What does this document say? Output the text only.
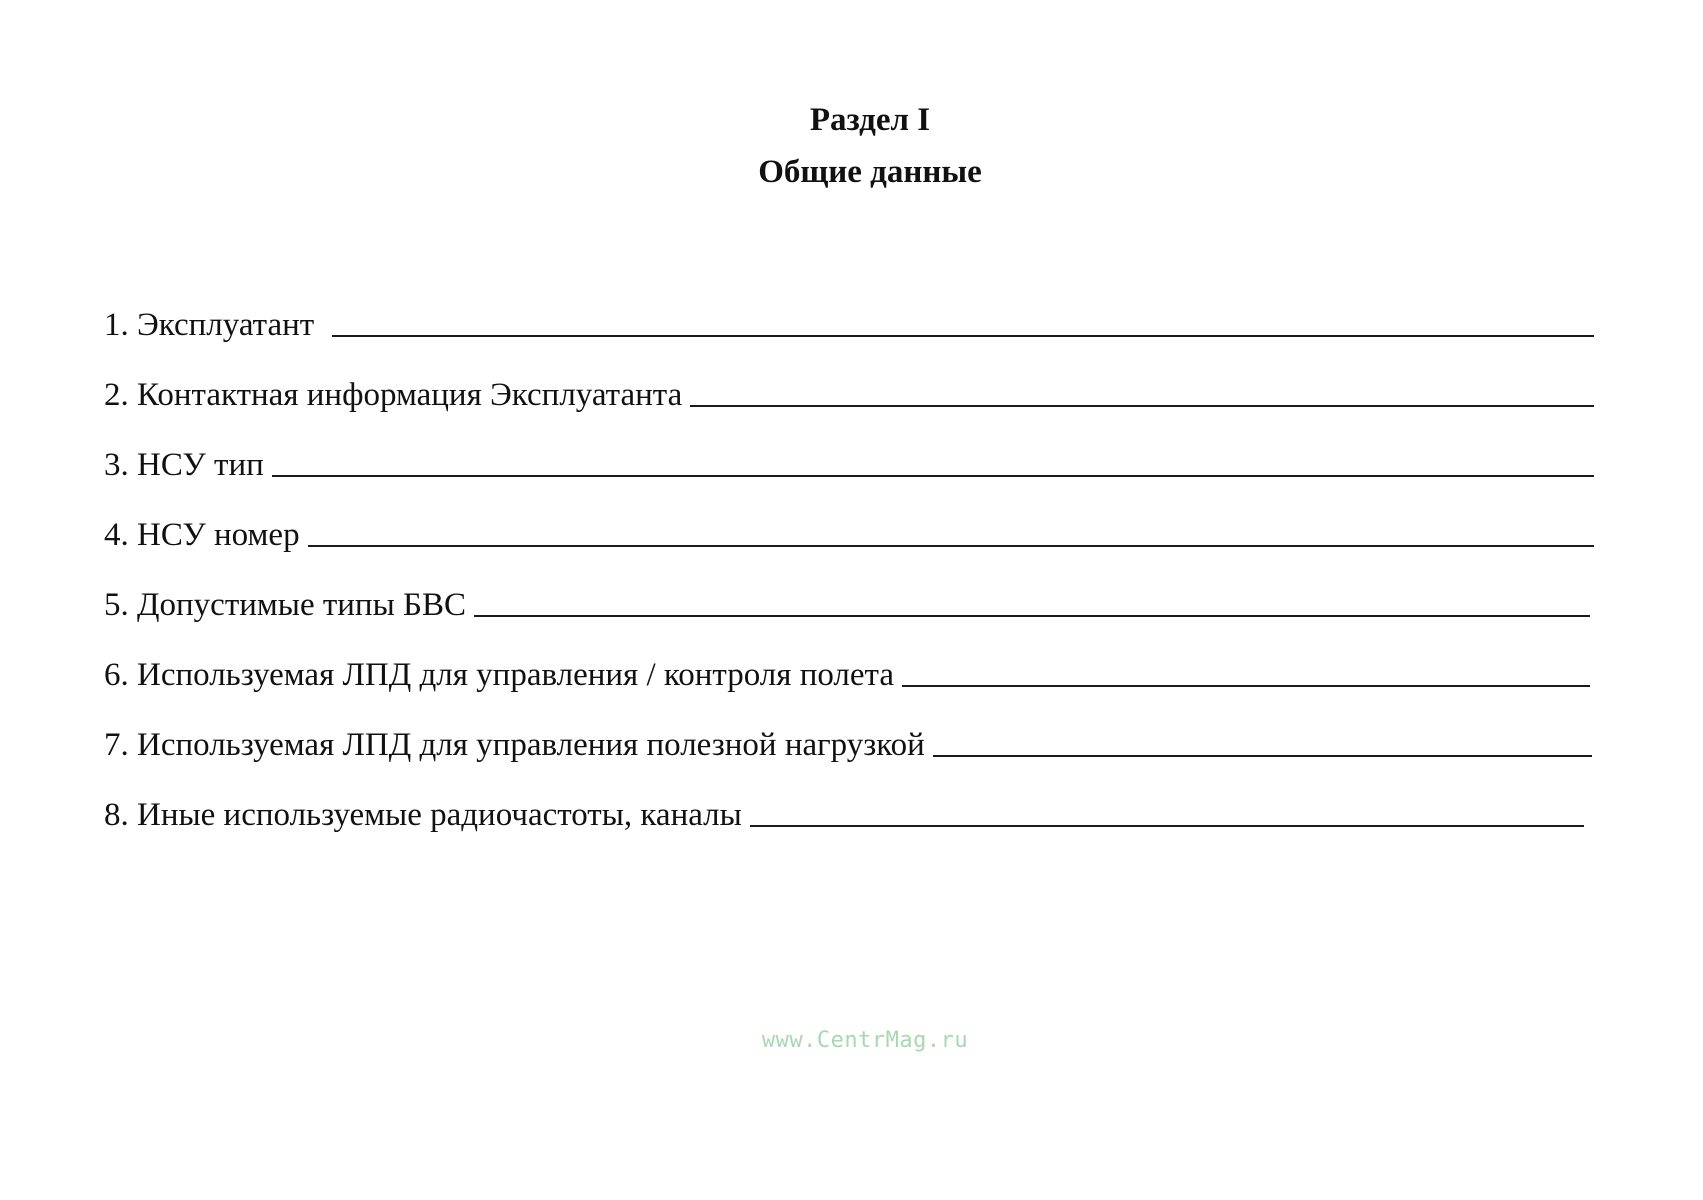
Раздел I
Общие данные
1. Эксплуатант
2. Контактная информация Эксплуатанта
3. НСУ тип
4. НСУ номер
5. Допустимые типы БВС
6. Используемая ЛПД для управления / контроля полета
7. Используемая ЛПД для управления полезной нагрузкой
8. Иные используемые радиочастоты, каналы
www.CentrMag.ru
